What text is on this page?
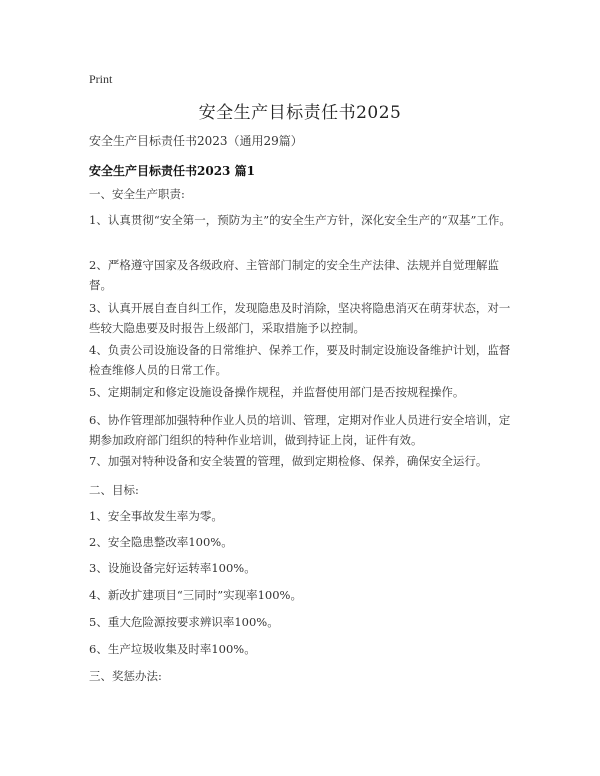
Print
安全生产目标责任书2025
安全生产目标责任书2023（通用29篇）
安全生产目标责任书2023 篇1
一、安全生产职责:
1、认真贯彻“安全第一，预防为主”的安全生产方针，深化安全生产的“双基”工作。
2、严格遵守国家及各级政府、主管部门制定的安全生产法律、法规并自觉理解监督。
3、认真开展自查自纠工作，发现隐患及时消除，坚决将隐患消灭在萌芽状态，对一些较大隐患要及时报告上级部门，采取措施予以控制。
4、负责公司设施设备的日常维护、保养工作，要及时制定设施设备维护计划，监督检查维修人员的日常工作。
5、定期制定和修定设施设备操作规程，并监督使用部门是否按规程操作。
6、协作管理部加强特种作业人员的培训、管理，定期对作业人员进行安全培训，定期参加政府部门组织的特种作业培训，做到持证上岗，证件有效。
7、加强对特种设备和安全装置的管理，做到定期检修、保养，确保安全运行。
二、目标:
1、安全事故发生率为零。
2、安全隐患整改率100%。
3、设施设备完好运转率100%。
4、新改扩建项目“三同时”实现率100%。
5、重大危险源按要求辨识率100%。
6、生产垃圾收集及时率100%。
三、奖惩办法:
